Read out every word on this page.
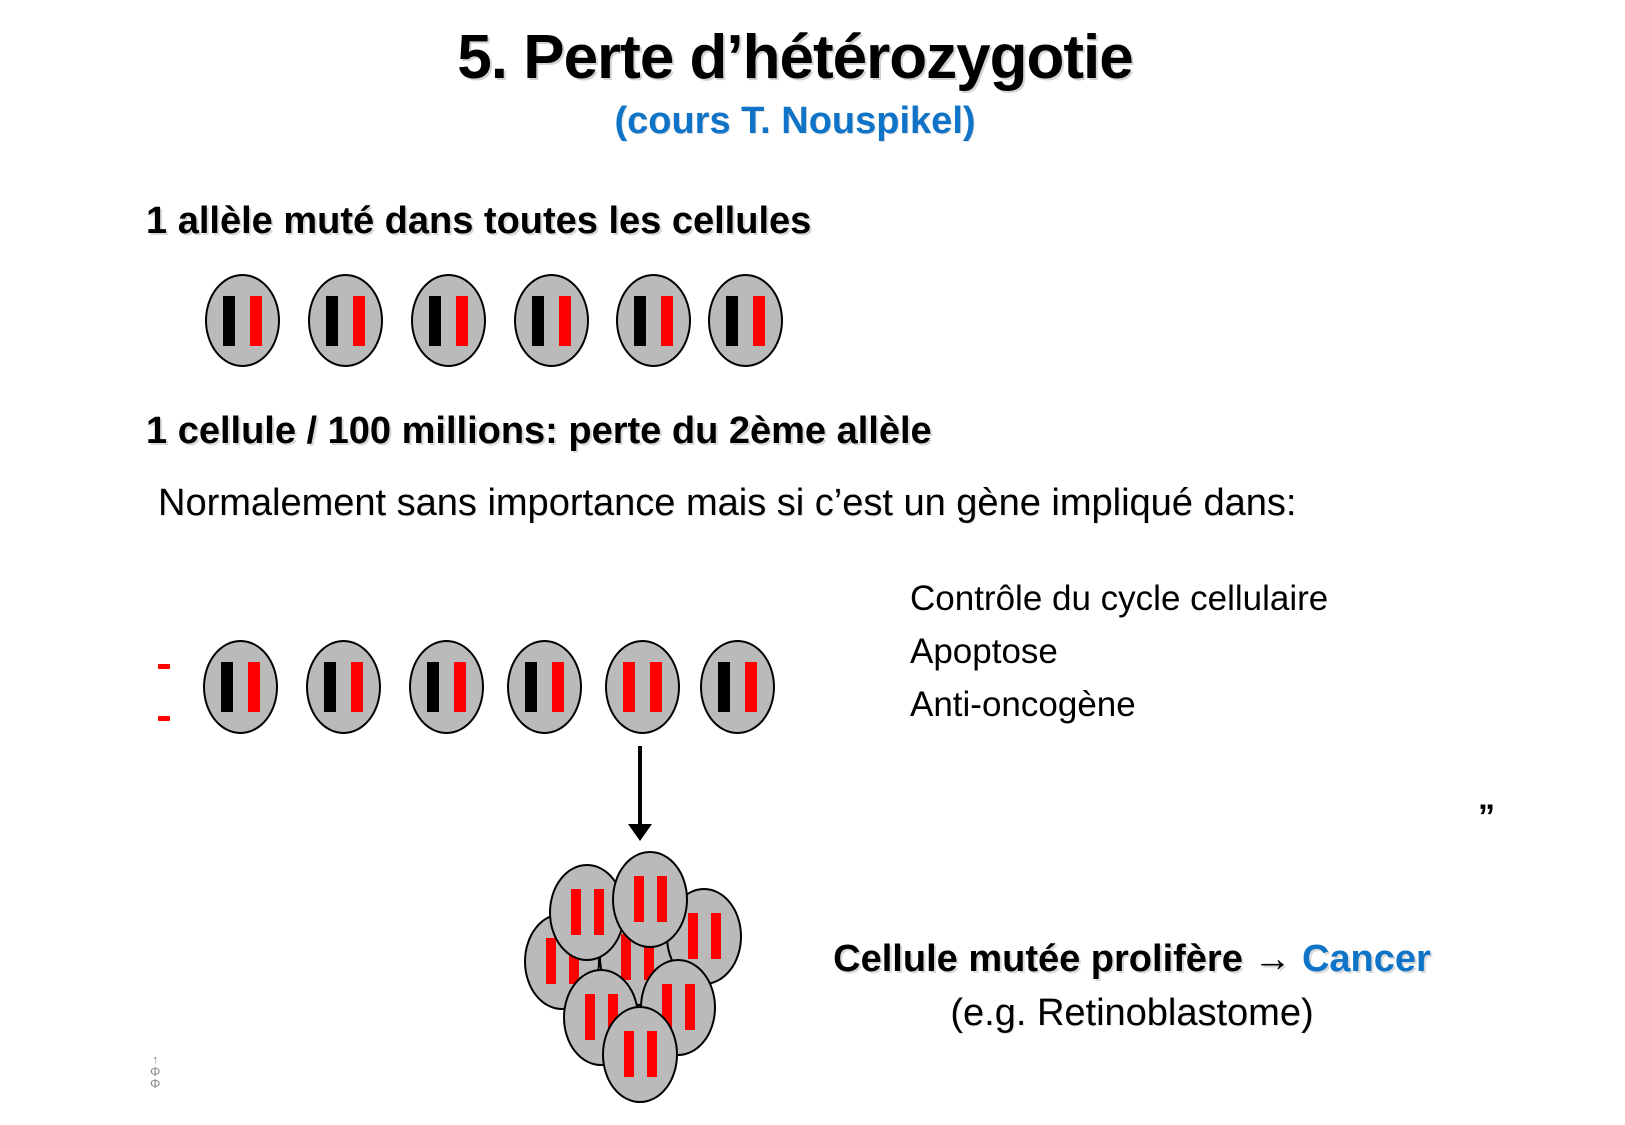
5. Perte d’hétérozygotie
(cours T. Nouspikel)
1 allèle muté dans toutes les cellules
1 cellule / 100 millions: perte du 2ème allèle
Normalement sans importance mais si c’est un gène impliqué dans:
Contrôle du cycle cellulaire
Apoptose
Anti-oncogène
Cellule mutée prolifère → Cancer
(e.g. Retinoblastome)
”
↑
Φ
Φ
